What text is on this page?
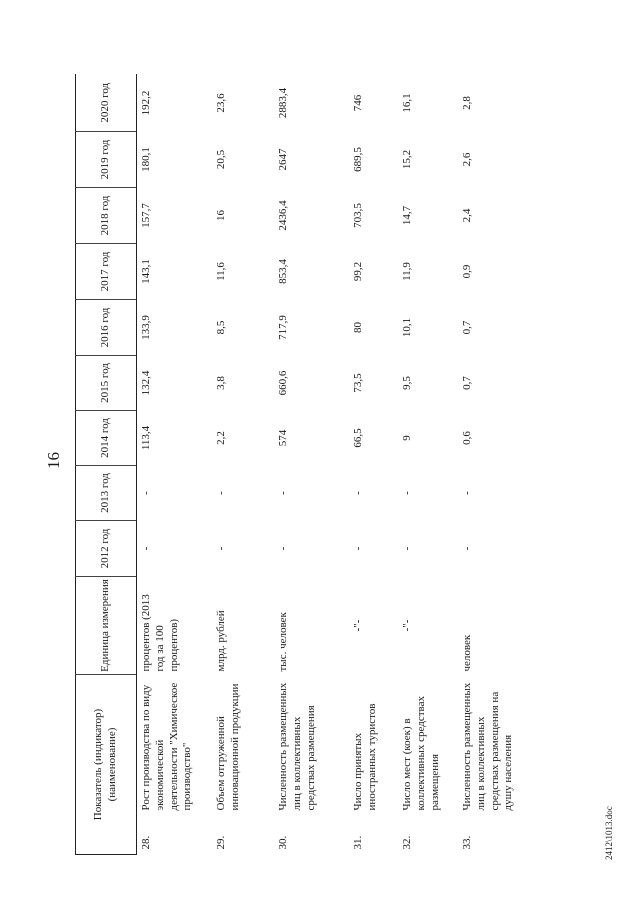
16
Показатель (индикатор) (наименование)		Единица измерения	2012 год	2013 год	2014 год	2015 год	2016 год	2017 год	2018 год	2019 год	2020 год
28.	Рост производства по виду экономической деятельности "Химическое производство"	процентов (2013 год за 100 процентов)	-	-	113,4	132,4	133,9	143,1	157,7	180,1	192,2
29.	Объем отгруженной инновационной продукции	млрд. рублей	-	-	2,2	3,8	8,5	11,6	16	20,5	23,6
30.	Численность размещенных лиц в коллективных средствах размещения	тыс. человек	-	-	574	660,6	717,9	853,4	2436,4	2647	2883,4
31.	Число принятых иностранных туристов	-"-	-	-	66,5	73,5	80	99,2	703,5	689,5	746
32.	Число мест (коек) в коллективных средствах размещения	-"-	-	-	9	9,5	10,1	11,9	14,7	15,2	16,1
33.	Численность размещенных лиц в коллективных средствах размещения на душу населения	человек	-	-	0,6	0,7	0,7	0,9	2,4	2,6	2,8
2412\1013.doc
